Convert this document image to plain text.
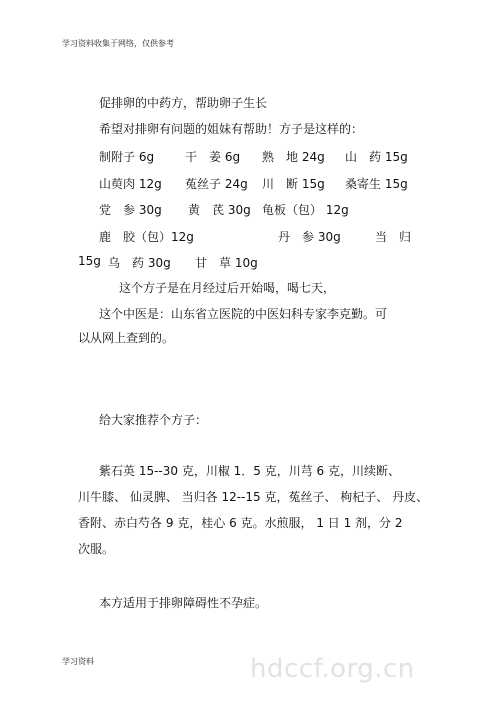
学习资料收集于网络，仅供参考
促排卵的中药方，帮助卵子生长
希望对排卵有问题的姐妹有帮助！方子是这样的：
制附子 6g	干　姜 6g 熟　地 24g 山　药 15g
山萸肉 12g 菟丝子 24g 川　断 15g 桑寄生 15g
党　参 30g 黄　芪 30g 龟板（包） 12g
鹿　胶（包）12g	丹　参 30g	当　归
15g 乌　药 30g 甘　草 10g
这个方子是在月经过后开始喝，喝七天，
这个中医是：山东省立医院的中医妇科专家李克勤。可
以从网上查到的。
给大家推荐个方子：
紫石英 15--30 克，川椒 1．5 克，川芎 6 克，川续断、
川牛膝、 仙灵脾、 当归各 12--15 克，菟丝子、 枸杞子、 丹皮、
香附、赤白芍各 9 克，桂心 6 克。水煎服， 1 日 1 剂，分 2
次服。
本方适用于排卵障碍性不孕症。
学习资料	hdccf.org.cn
